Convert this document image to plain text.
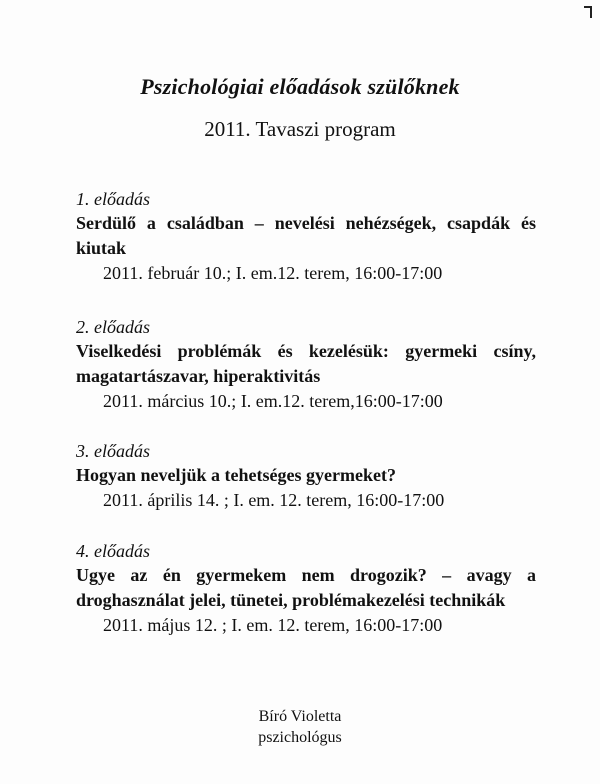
Pszichológiai előadások szülőknek
2011. Tavaszi program
1. előadás
Serdülő a családban – nevelési nehézségek, csapdák és kiutak
2011. február 10.; I. em.12. terem, 16:00-17:00
2. előadás
Viselkedési problémák és kezelésük: gyermeki csíny, magatartászavar, hiperaktivitás
2011. március 10.; I. em.12. terem,16:00-17:00
3. előadás
Hogyan neveljük a tehetséges gyermeket?
2011. április 14. ; I. em. 12. terem, 16:00-17:00
4. előadás
Ugye az én gyermekem nem drogozik? – avagy a droghasználat jelei, tünetei, problémakezelési technikák
2011. május 12. ; I. em. 12. terem, 16:00-17:00
Bíró Violetta
pszichológus
